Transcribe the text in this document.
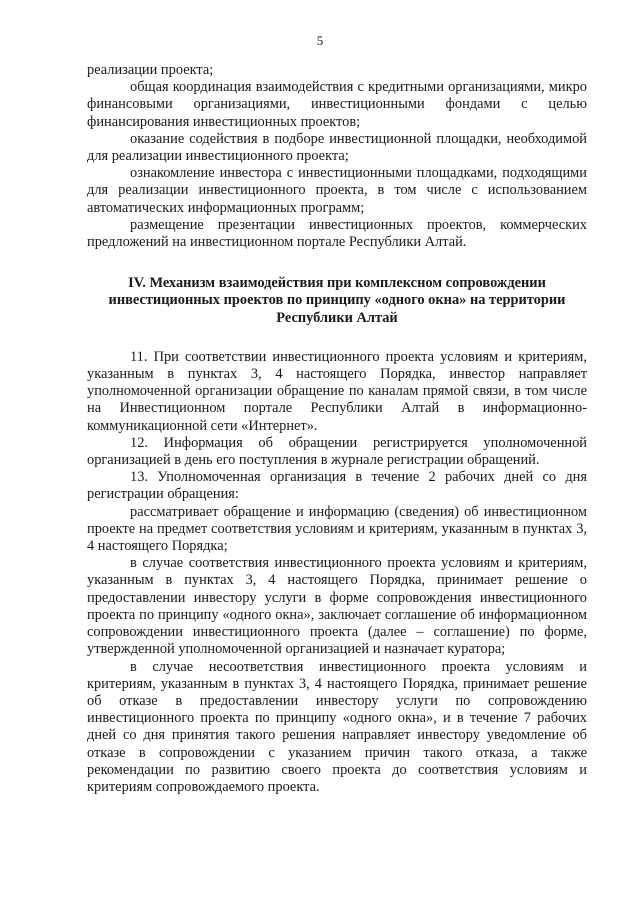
5

реализации проекта;

общая координация взаимодействия с кредитными организациями, микро финансовыми организациями, инвестиционными фондами с целью финансирования инвестиционных проектов;

оказание содействия в подборе инвестиционной площадки, необходимой для реализации инвестиционного проекта;

ознакомление инвестора с инвестиционными площадками, подходящими для реализации инвестиционного проекта, в том числе с использованием автоматических информационных программ;

размещение презентации инвестиционных проектов, коммерческих предложений на инвестиционном портале Республики Алтай.

IV. Механизм взаимодействия при комплексном сопровождении инвестиционных проектов по принципу «одного окна» на территории Республики Алтай

11. При соответствии инвестиционного проекта условиям и критериям, указанным в пунктах 3, 4 настоящего Порядка, инвестор направляет уполномоченной организации обращение по каналам прямой связи, в том числе на Инвестиционном портале Республики Алтай в информационно-коммуникационной сети «Интернет».

12. Информация об обращении регистрируется уполномоченной организацией в день его поступления в журнале регистрации обращений.

13. Уполномоченная организация в течение 2 рабочих дней со дня регистрации обращения:

рассматривает обращение и информацию (сведения) об инвестиционном проекте на предмет соответствия условиям и критериям, указанным в пунктах 3, 4 настоящего Порядка;

в случае соответствия инвестиционного проекта условиям и критериям, указанным в пунктах 3, 4 настоящего Порядка, принимает решение о предоставлении инвестору услуги в форме сопровождения инвестиционного проекта по принципу «одного окна», заключает соглашение об информационном сопровождении инвестиционного проекта (далее – соглашение) по форме, утвержденной уполномоченной организацией и назначает куратора;

в случае несоответствия инвестиционного проекта условиям и критериям, указанным в пунктах 3, 4 настоящего Порядка, принимает решение об отказе в предоставлении инвестору услуги по сопровождению инвестиционного проекта по принципу «одного окна», и в течение 7 рабочих дней со дня принятия такого решения направляет инвестору уведомление об отказе в сопровождении с указанием причин такого отказа, а также рекомендации по развитию своего проекта до соответствия условиям и критериям сопровождаемого проекта.
